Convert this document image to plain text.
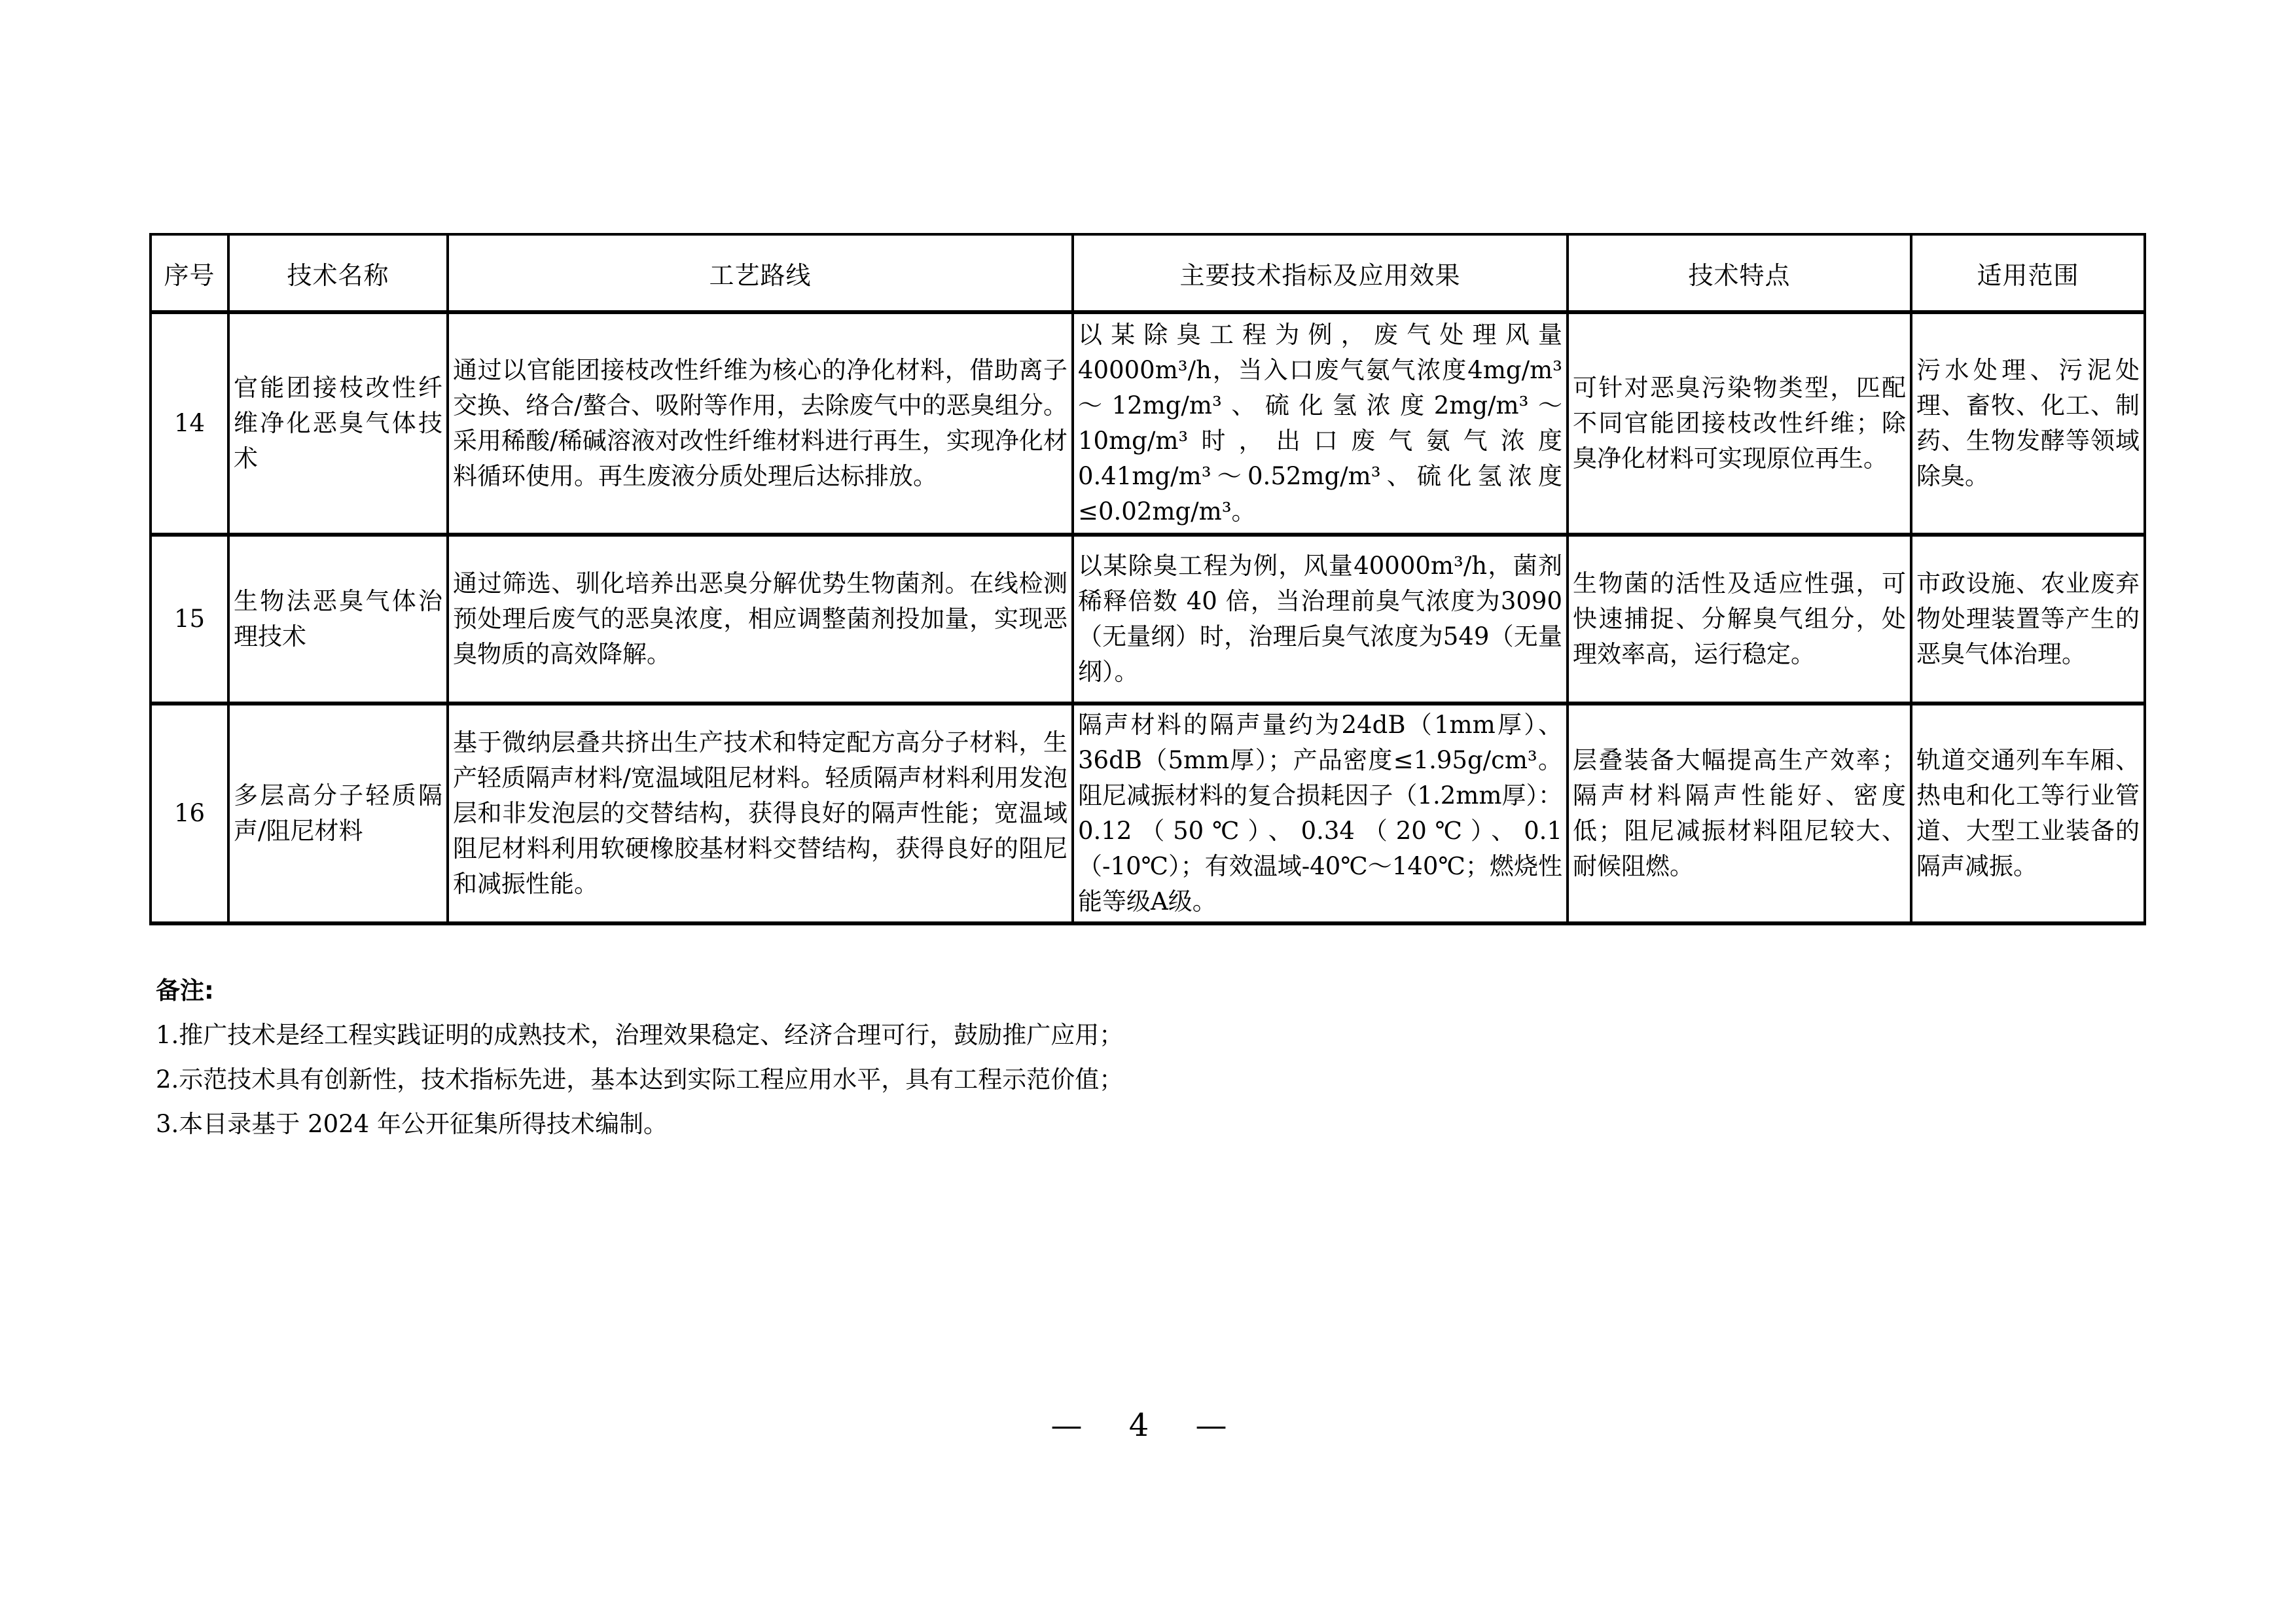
序号	技术名称	工艺路线	主要技术指标及应用效果	技术特点	适用范围
14	官能团接枝改性纤维净化恶臭气体技术	通过以官能团接枝改性纤维为核心的净化材料，借助离子交换、络合/螯合、吸附等作用，去除废气中的恶臭组分。采用稀酸/稀碱溶液对改性纤维材料进行再生，实现净化材料循环使用。再生废液分质处理后达标排放。	以某除臭工程为例，废气处理风量40000m³/h，当入口废气氨气浓度4mg/m³～12mg/m³、硫化氢浓度2mg/m³～10mg/m³时，出口废气氨气浓度0.41mg/m³～0.52mg/m³、硫化氢浓度≤0.02mg/m³。	可针对恶臭污染物类型，匹配不同官能团接枝改性纤维；除臭净化材料可实现原位再生。	污水处理、污泥处理、畜牧、化工、制药、生物发酵等领域除臭。
15	生物法恶臭气体治理技术	通过筛选、驯化培养出恶臭分解优势生物菌剂。在线检测预处理后废气的恶臭浓度，相应调整菌剂投加量，实现恶臭物质的高效降解。	以某除臭工程为例，风量40000m³/h，菌剂稀释倍数 40 倍，当治理前臭气浓度为3090（无量纲）时，治理后臭气浓度为549（无量纲）。	生物菌的活性及适应性强，可快速捕捉、分解臭气组分，处理效率高，运行稳定。	市政设施、农业废弃物处理装置等产生的恶臭气体治理。
16	多层高分子轻质隔声/阻尼材料	基于微纳层叠共挤出生产技术和特定配方高分子材料，生产轻质隔声材料/宽温域阻尼材料。轻质隔声材料利用发泡层和非发泡层的交替结构，获得良好的隔声性能；宽温域阻尼材料利用软硬橡胶基材料交替结构，获得良好的阻尼和减振性能。	隔声材料的隔声量约为24dB（1mm厚）、36dB（5mm厚）；产品密度≤1.95g/cm³。阻尼减振材料的复合损耗因子（1.2mm厚）：0.12（50℃）、0.34（20℃）、0.1（-10℃）；有效温域-40℃～140℃；燃烧性能等级A级。	层叠装备大幅提高生产效率；隔声材料隔声性能好、密度低；阻尼减振材料阻尼较大、耐候阻燃。	轨道交通列车车厢、热电和化工等行业管道、大型工业装备的隔声减振。
备注:
1.推广技术是经工程实践证明的成熟技术，治理效果稳定、经济合理可行，鼓励推广应用；
2.示范技术具有创新性，技术指标先进，基本达到实际工程应用水平，具有工程示范价值；
3.本目录基于 2024 年公开征集所得技术编制。
— 4 —
